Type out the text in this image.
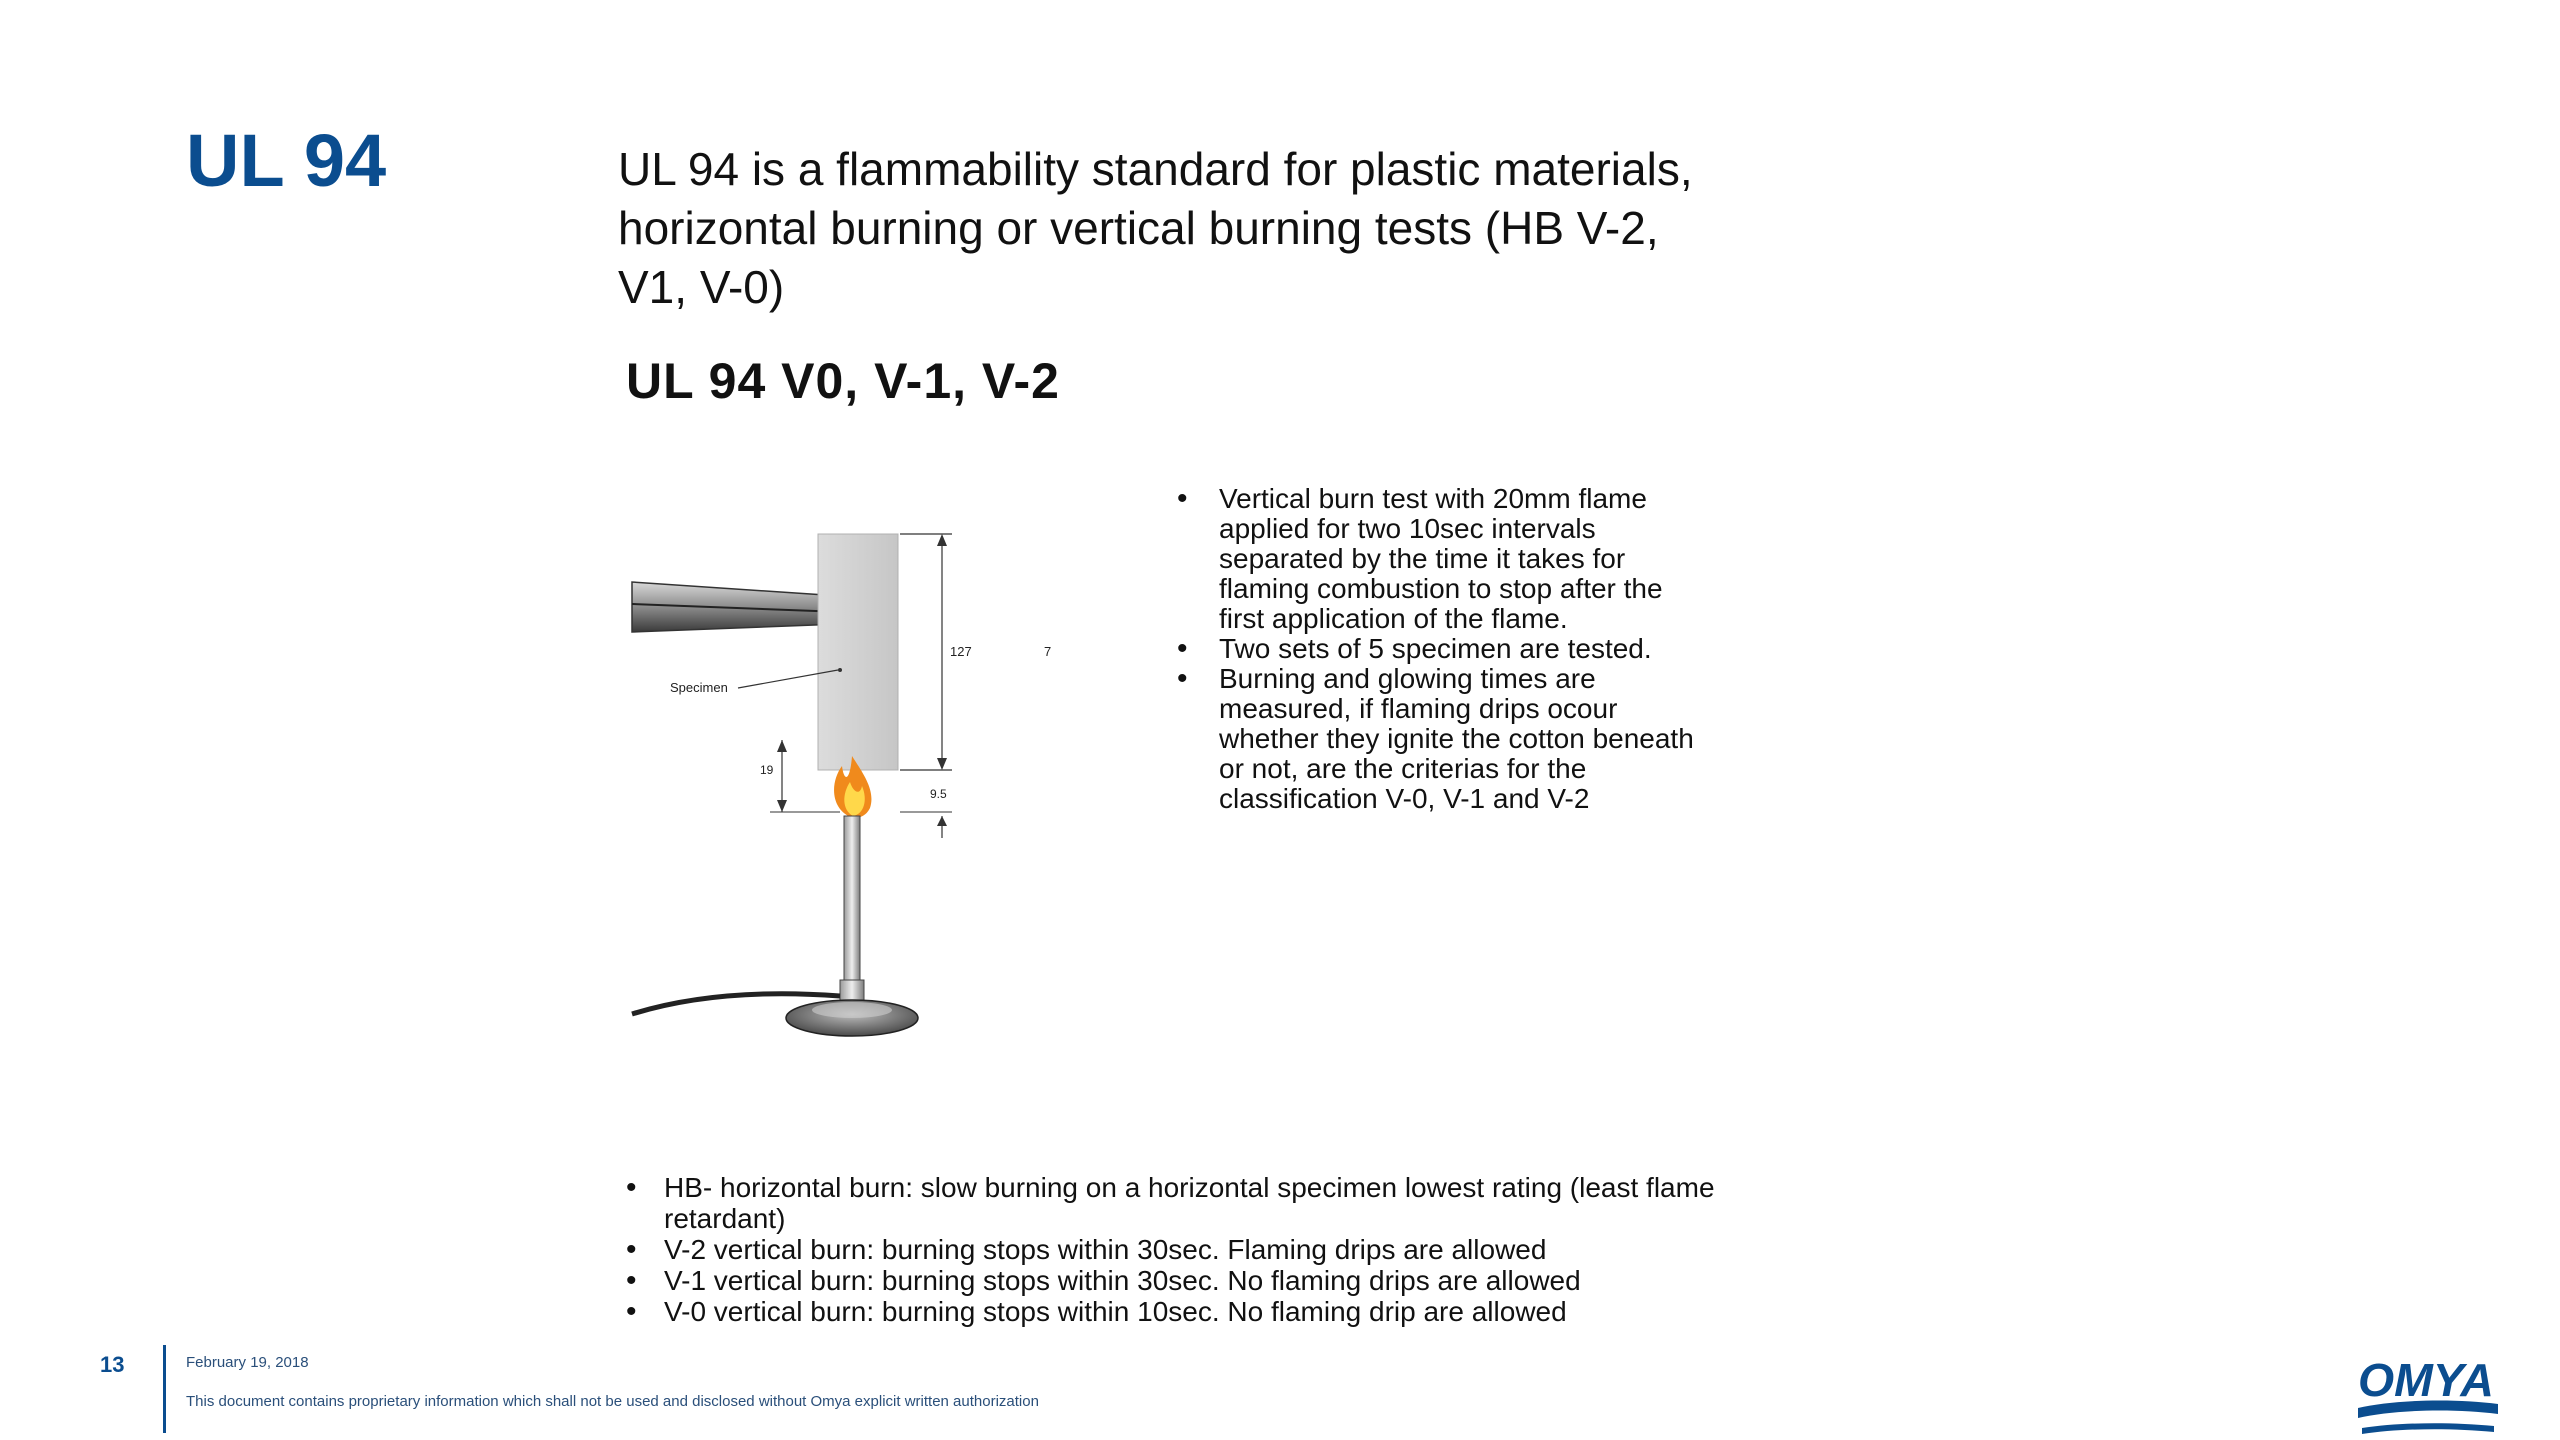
UL 94	UL 94 is a flammability standard for plastic materials, horizontal burning or vertical burning tests (HB V-2, V1, V-0)
UL 94 V0, V-1, V-2
Specimen
127	7
19
9.5
• Vertical burn test with 20mm flame applied for two 10sec intervals separated by the time it takes for flaming combustion to stop after the first application of the flame.
• Two sets of 5 specimen are tested.
• Burning and glowing times are measured, if flaming drips ocour whether they ignite the cotton beneath or not, are the criterias for the classification V-0, V-1 and V-2
• HB- horizontal burn: slow burning on a horizontal specimen lowest rating (least flame retardant)
• V-2 vertical burn: burning stops within 30sec. Flaming drips are allowed
• V-1 vertical burn: burning stops within 30sec. No flaming drips are allowed
• V-0 vertical burn: burning stops within 10sec. No flaming drip are allowed
13	February 19, 2018
This document contains proprietary information which shall not be used and disclosed without Omya explicit written authorization	OMYA
